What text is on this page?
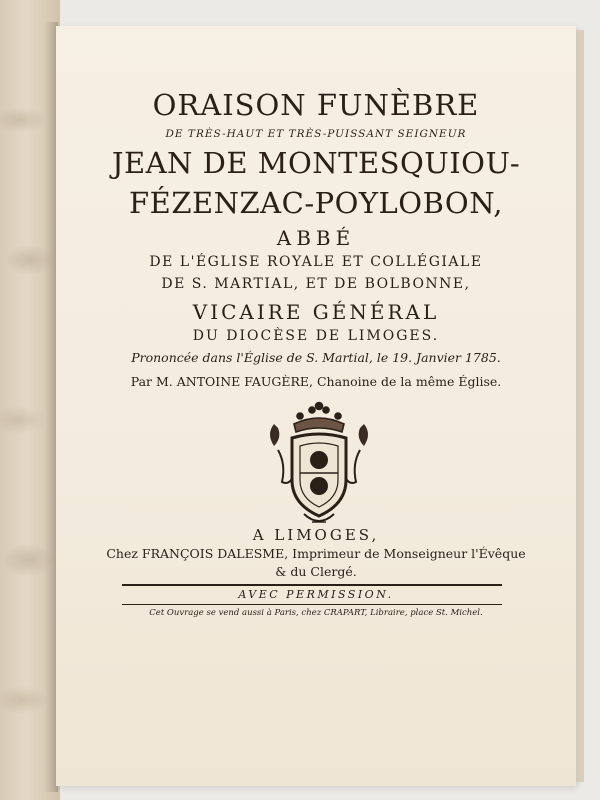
ORAISON FUNÈBRE
DE TRÈS-HAUT ET TRÈS-PUISSANT SEIGNEUR
JEAN DE MONTESQUIOU-
FÉZENZAC-POYLOBON,
ABBÉ
DE L'ÉGLISE ROYALE ET COLLÉGIALE
DE S. MARTIAL, ET DE BOLBONNE,
VICAIRE GÉNÉRAL
DU DIOCÈSE DE LIMOGES.
Prononcée dans l'Église de S. Martial, le 19. Janvier 1785.
Par M. ANTOINE FAUGÈRE, Chanoine de la même Église.
A LIMOGES,
Chez FRANÇOIS DALESME, Imprimeur de Monseigneur l'Évêque
& du Clergé.
AVEC PERMISSION.
Cet Ouvrage se vend aussi à Paris, chez CRAPART, Libraire, place St. Michel.
